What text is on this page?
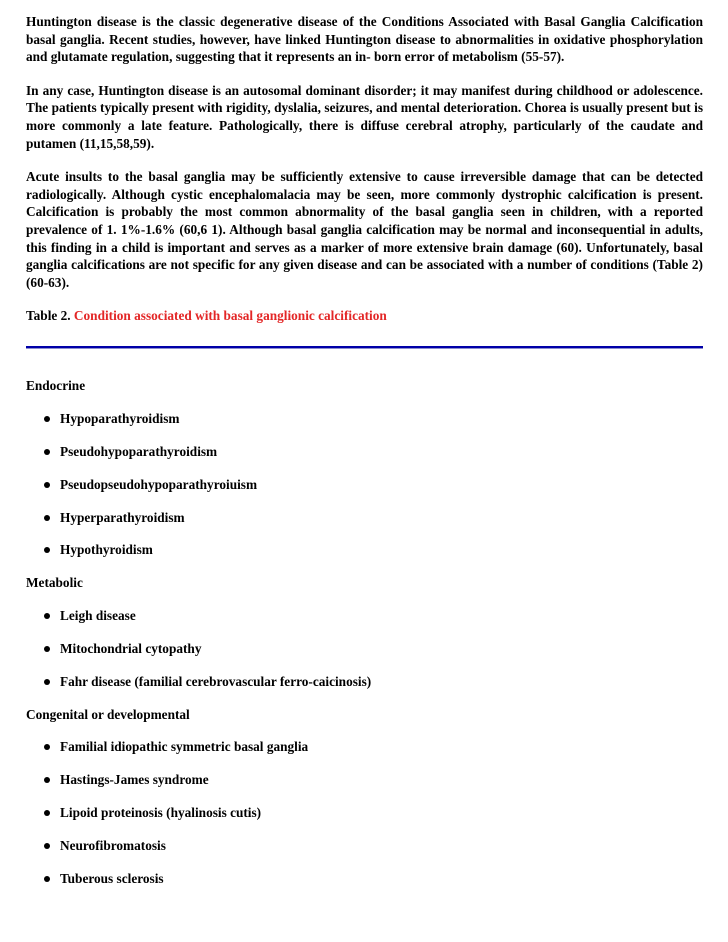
Huntington disease is the classic degenerative disease of the Conditions Associated with Basal Ganglia Calcification basal ganglia. Recent studies, however, have linked Huntington disease to abnormalities in oxidative phosphorylation and glutamate regulation, suggesting that it represents an in- born error of metabolism (55-57).

In any case, Huntington disease is an autosomal dominant disorder; it may manifest during childhood or adolescence. The patients typically present with rigidity, dyslalia, seizures, and mental deterioration. Chorea is usually present but is more commonly a late feature. Pathologically, there is diffuse cerebral atrophy, particularly of the caudate and putamen (11,15,58,59).

Acute insults to the basal ganglia may be sufficiently extensive to cause irreversible damage that can be detected radiologically. Although cystic encephalomalacia may be seen, more commonly dystrophic calcification is present. Calcification is probably the most common abnormality of the basal ganglia seen in children, with a reported prevalence of 1. 1%-1.6% (60,6 1). Although basal ganglia calcification may be normal and inconsequential in adults, this finding in a child is important and serves as a marker of more extensive brain damage (60). Unfortunately, basal ganglia calcifications are not specific for any given disease and can be associated with a number of conditions (Table 2) (60-63).

Table 2. Condition associated with basal ganglionic calcification

Endocrine
Hypoparathyroidism
Pseudohypoparathyroidism
Pseudopseudohypoparathyroiuism
Hyperparathyroidism
Hypothyroidism
Metabolic
Leigh disease
Mitochondrial cytopathy
Fahr disease (familial cerebrovascular ferro-caicinosis)
Congenital or developmental
Familial idiopathic symmetric basal ganglia
Hastings-James syndrome
Lipoid proteinosis (hyalinosis cutis)
Neurofibromatosis
Tuberous sclerosis
